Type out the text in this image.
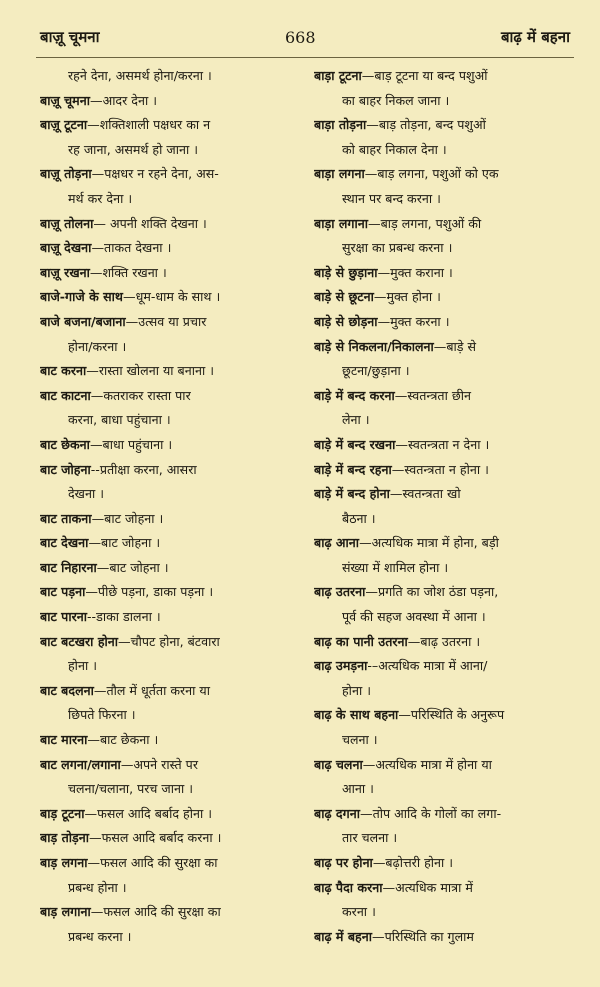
बाज़ू चूमना	668	बाढ़ में बहना
रहने देना, असमर्थ होना/करना ।
बाज़ू चूमना—आदर देना ।
बाज़ू टूटना—शक्तिशाली पक्षधर का न
रह जाना, असमर्थ हो जाना ।
बाज़ू तोड़ना—पक्षधर न रहने देना, अस-
मर्थ कर देना ।
बाज़ू तोलना— अपनी शक्ति देखना ।
बाज़ू देखना—ताकत देखना ।
बाज़ू रखना—शक्ति रखना ।
बाजे-गाजे के साथ—धूम-धाम के साथ ।
बाजे बजना/बजाना—उत्सव या प्रचार
होना/करना ।
बाट करना—रास्ता खोलना या बनाना ।
बाट काटना—कतराकर रास्ता पार
करना, बाधा पहुंचाना ।
बाट छेकना—बाधा पहुंचाना ।
बाट जोहना--प्रतीक्षा करना, आसरा
देखना ।
बाट ताकना—बाट जोहना ।
बाट देखना—बाट जोहना ।
बाट निहारना—बाट जोहना ।
बाट पड़ना—पीछे पड़ना, डाका पड़ना ।
बाट पारना--डाका डालना ।
बाट बटखरा होना—चौपट होना, बंटवारा
होना ।
बाट बदलना—तौल में धूर्तता करना या
छिपते फिरना ।
बाट मारना—बाट छेकना ।
बाट लगना/लगाना—अपने रास्ते पर
चलना/चलाना, परच जाना ।
बाड़ टूटना—फसल आदि बर्बाद होना ।
बाड़ तोड़ना—फसल आदि बर्बाद करना ।
बाड़ लगना—फसल आदि की सुरक्षा का
प्रबन्ध होना ।
बाड़ लगाना—फसल आदि की सुरक्षा का
प्रबन्ध करना ।
बाड़ा टूटना—बाड़ टूटना या बन्द पशुओं
का बाहर निकल जाना ।
बाड़ा तोड़ना—बाड़ तोड़ना, बन्द पशुओं
को बाहर निकाल देना ।
बाड़ा लगना—बाड़ लगना, पशुओं को एक
स्थान पर बन्द करना ।
बाड़ा लगाना—बाड़ लगना, पशुओं की
सुरक्षा का प्रबन्ध करना ।
बाड़े से छुड़ाना—मुक्त कराना ।
बाड़े से छूटना—मुक्त होना ।
बाड़े से छोड़ना—मुक्त करना ।
बाड़े से निकलना/निकालना—बाड़े से
छूटना/छुड़ाना ।
बाड़े में बन्द करना—स्वतन्त्रता छीन
लेना ।
बाड़े में बन्द रखना—स्वतन्त्रता न देना ।
बाड़े में बन्द रहना—स्वतन्त्रता न होना ।
बाड़े में बन्द होना—स्वतन्त्रता खो
बैठना ।
बाढ़ आना—अत्यधिक मात्रा में होना, बड़ी
संख्या में शामिल होना ।
बाढ़ उतरना—प्रगति का जोश ठंडा पड़ना,
पूर्व की सहज अवस्था में आना ।
बाढ़ का पानी उतरना—बाढ़ उतरना ।
बाढ़ उमड़ना-–अत्यधिक मात्रा में आना/
होना ।
बाढ़ के साथ बहना—परिस्थिति के अनुरूप
चलना ।
बाढ़ चलना—अत्यधिक मात्रा में होना या
आना ।
बाढ़ दगना—तोप आदि के गोलों का लगा-
तार चलना ।
बाढ़ पर होना—बढ़ोत्तरी होना ।
बाढ़ पैदा करना—अत्यधिक मात्रा में
करना ।
बाढ़ में बहना—परिस्थिति का गुलाम
